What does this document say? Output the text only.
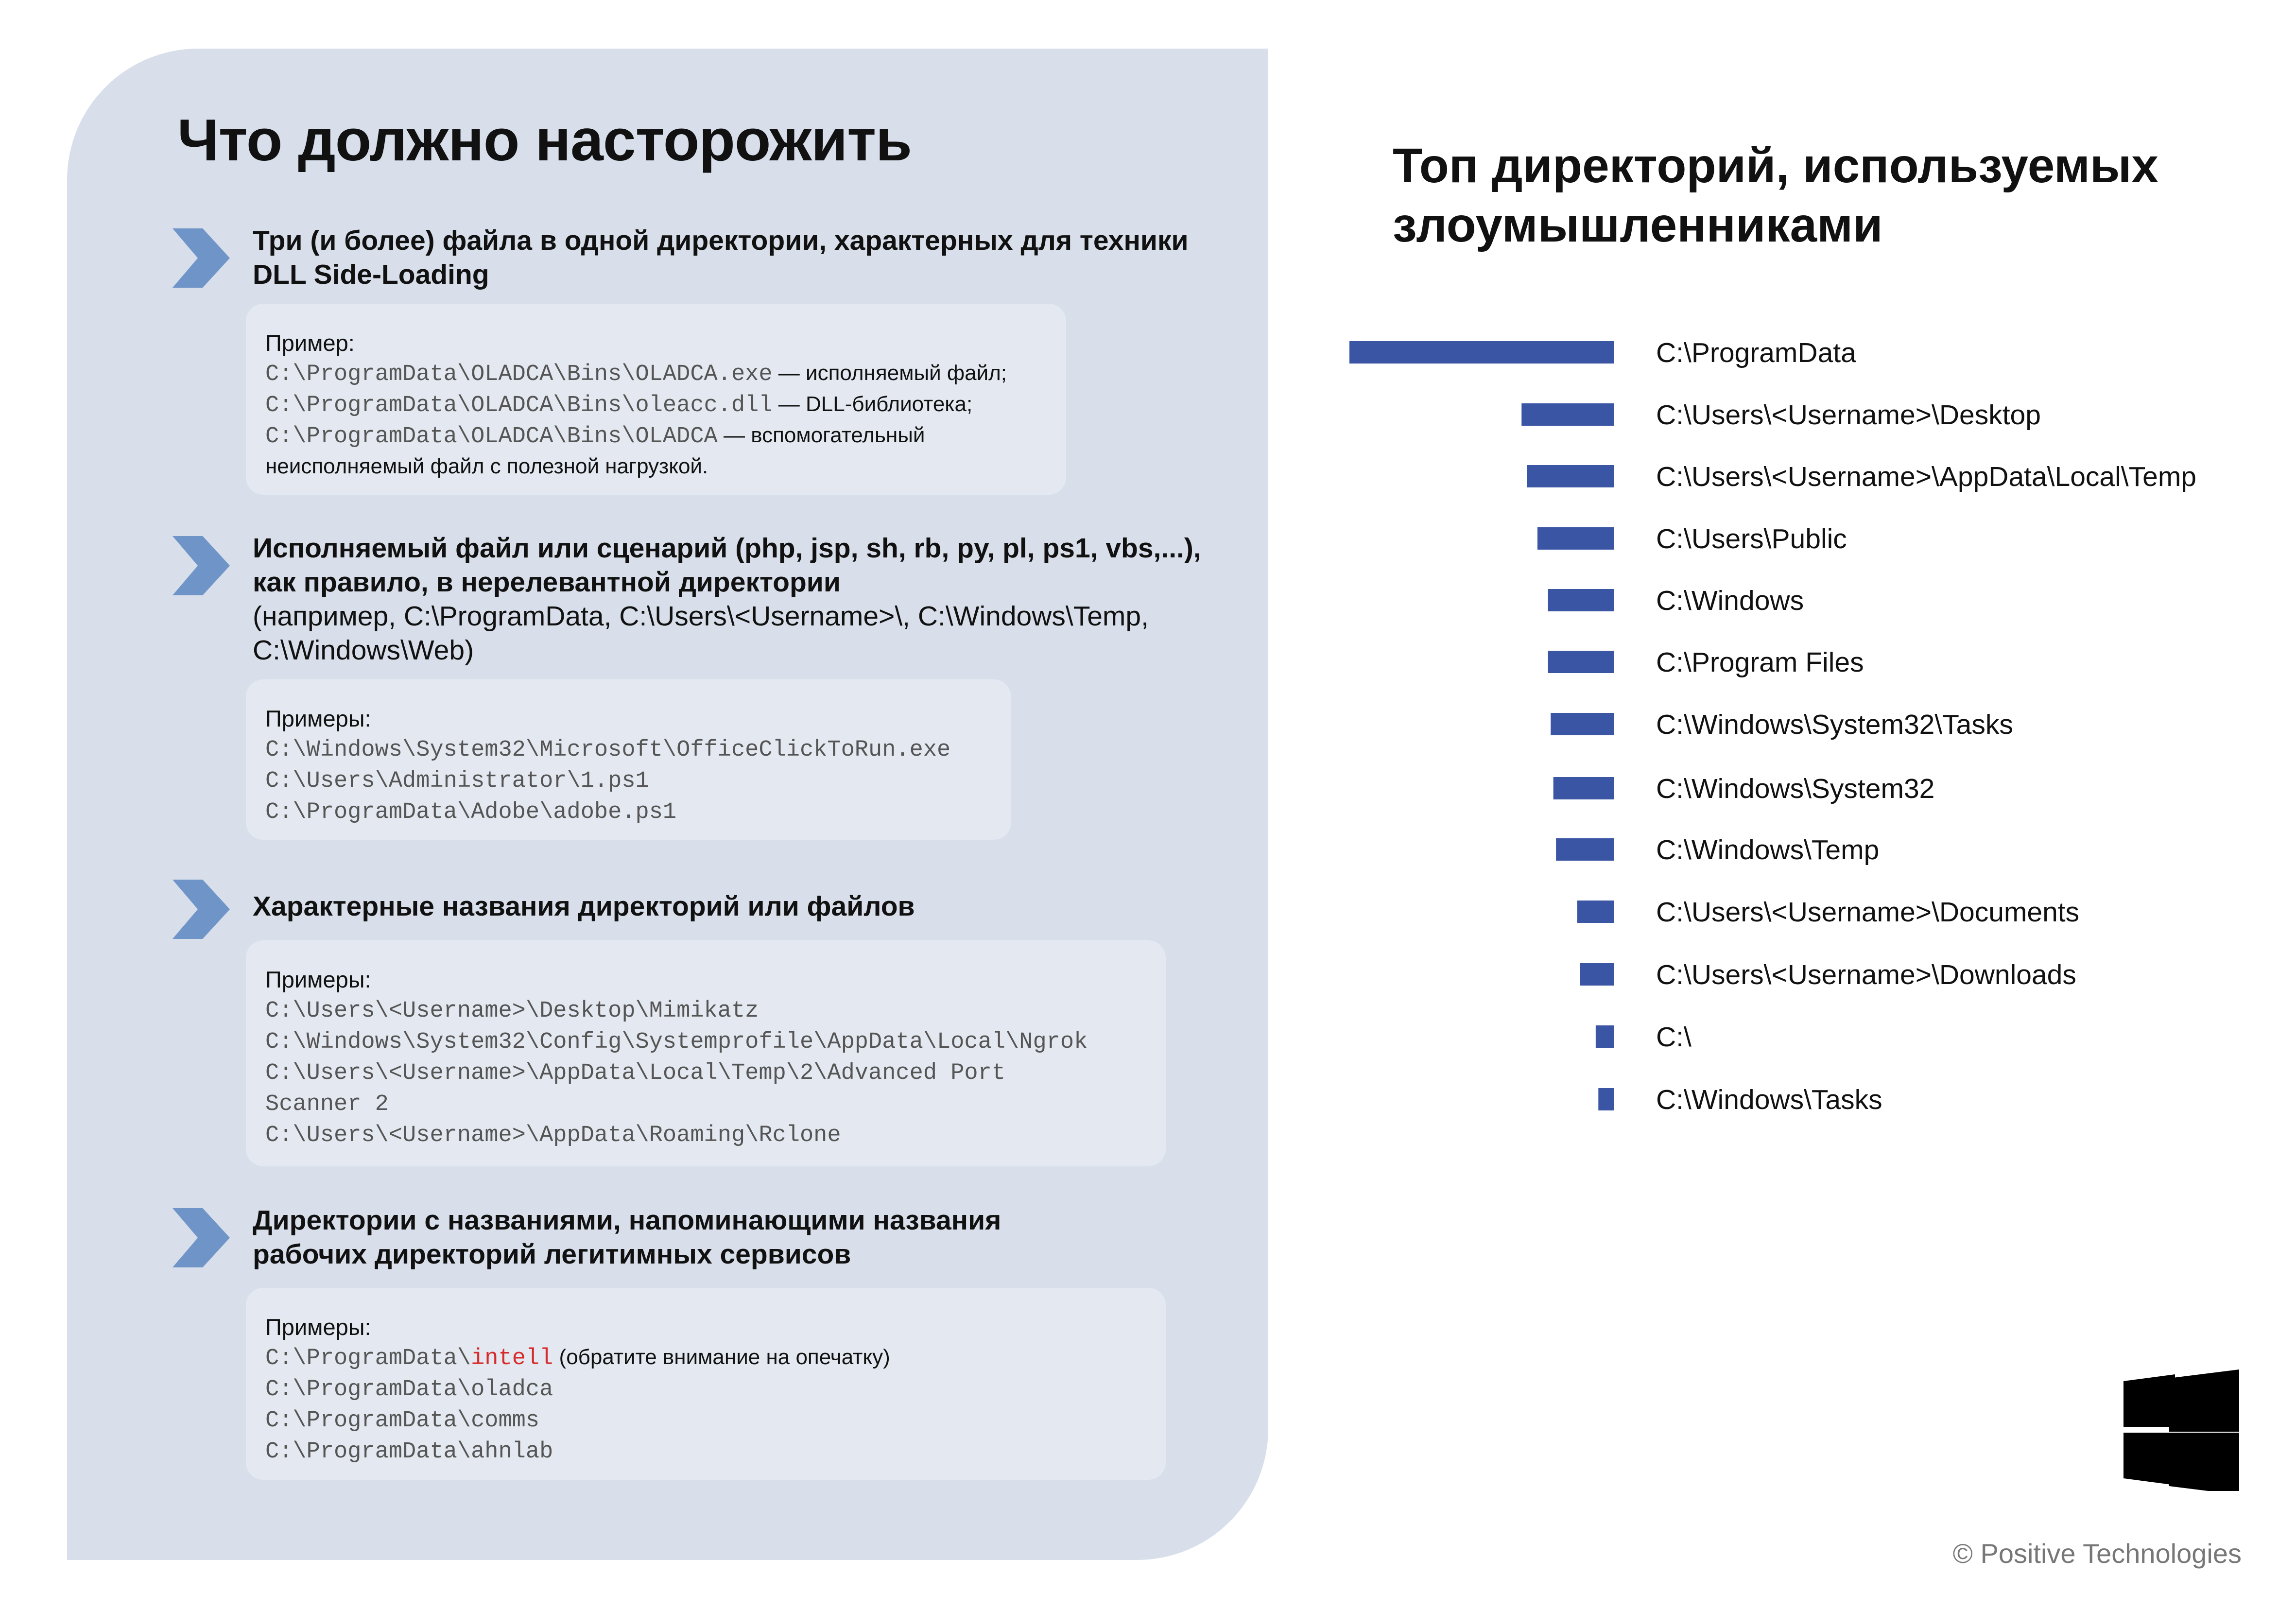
Что должно насторожить
Три (и более) файла в одной директории, характерных для техники DLL Side-Loading
Пример:
C:\ProgramData\OLADCA\Bins\OLADCA.exe — исполняемый файл;
C:\ProgramData\OLADCA\Bins\oleacc.dll — DLL-библиотека;
C:\ProgramData\OLADCA\Bins\OLADCA — вспомогательный
неисполняемый файл с полезной нагрузкой.
Исполняемый файл или сценарий (php, jsp, sh, rb, py, pl, ps1, vbs,...), как правило, в нерелевантной директории
(например, C:\ProgramData, C:\Users\<Username>\, C:\Windows\Temp, C:\Windows\Web)
Примеры:
C:\Windows\System32\Microsoft\OfficeClickToRun.exe
C:\Users\Administrator\1.ps1
C:\ProgramData\Adobe\adobe.ps1
Характерные названия директорий или файлов
Примеры:
C:\Users\<Username>\Desktop\Mimikatz
C:\Windows\System32\Config\Systemprofile\AppData\Local\Ngrok
C:\Users\<Username>\AppData\Local\Temp\2\Advanced Port
Scanner 2
C:\Users\<Username>\AppData\Roaming\Rclone
Директории с названиями, напоминающими названия рабочих директорий легитимных сервисов
Примеры:
C:\ProgramData\intell (обратите внимание на опечатку)
C:\ProgramData\oladca
C:\ProgramData\comms
C:\ProgramData\ahnlab
Топ директорий, используемых злоумышленниками
C:\ProgramData
C:\Users\<Username>\Desktop
C:\Users\<Username>\AppData\Local\Temp
C:\Users\Public
C:\Windows
C:\Program Files
C:\Windows\System32\Tasks
C:\Windows\System32
C:\Windows\Temp
C:\Users\<Username>\Documents
C:\Users\<Username>\Downloads
C:\
C:\Windows\Tasks
© Positive Technologies
